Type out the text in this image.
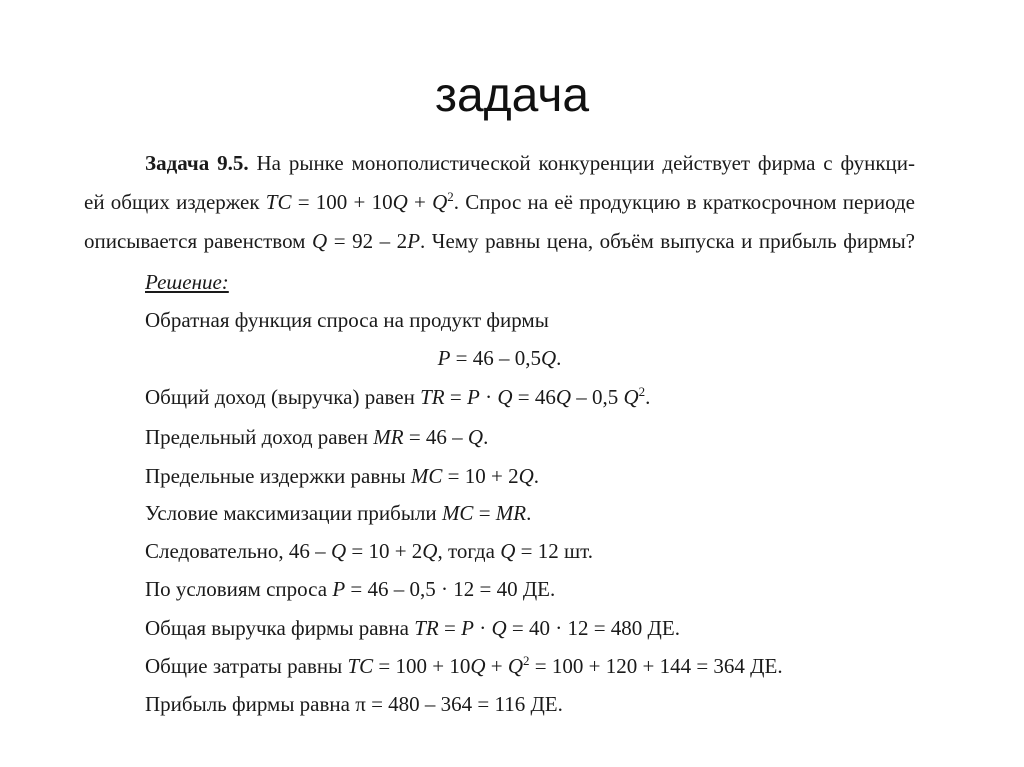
задача
Задача 9.5. На рынке монополистической конкуренции действует фирма с функци-
ей общих издержек TC = $100 + 10Q + Q^2$. Спрос на её продукцию в краткосрочном периоде
описывается равенством Q = 92 – 2P. Чему равны цена, объём выпуска и прибыль фирмы?
Решение:
Обратная функция спроса на продукт фирмы
P = 46 – 0,5Q.
Общий доход (выручка) равен TR = P · Q = 46Q – 0,5 $Q^2$.
Предельный доход равен MR = 46 – Q.
Предельные издержки равны MC = 10 + 2Q.
Условие максимизации прибыли MC = MR.
Следовательно, 46 – Q = 10 + 2Q, тогда Q = 12 шт.
По условиям спроса P = 46 – 0,5 · 12 = 40 ДЕ.
Общая выручка фирмы равна TR = P · Q = 40 · 12 = 480 ДЕ.
Общие затраты равны TC = $100 + 10Q + Q^2 = 100 + 120 + 144 = 364$ ДЕ.
Прибыль фирмы равна π = 480 – 364 = 116 ДЕ.
